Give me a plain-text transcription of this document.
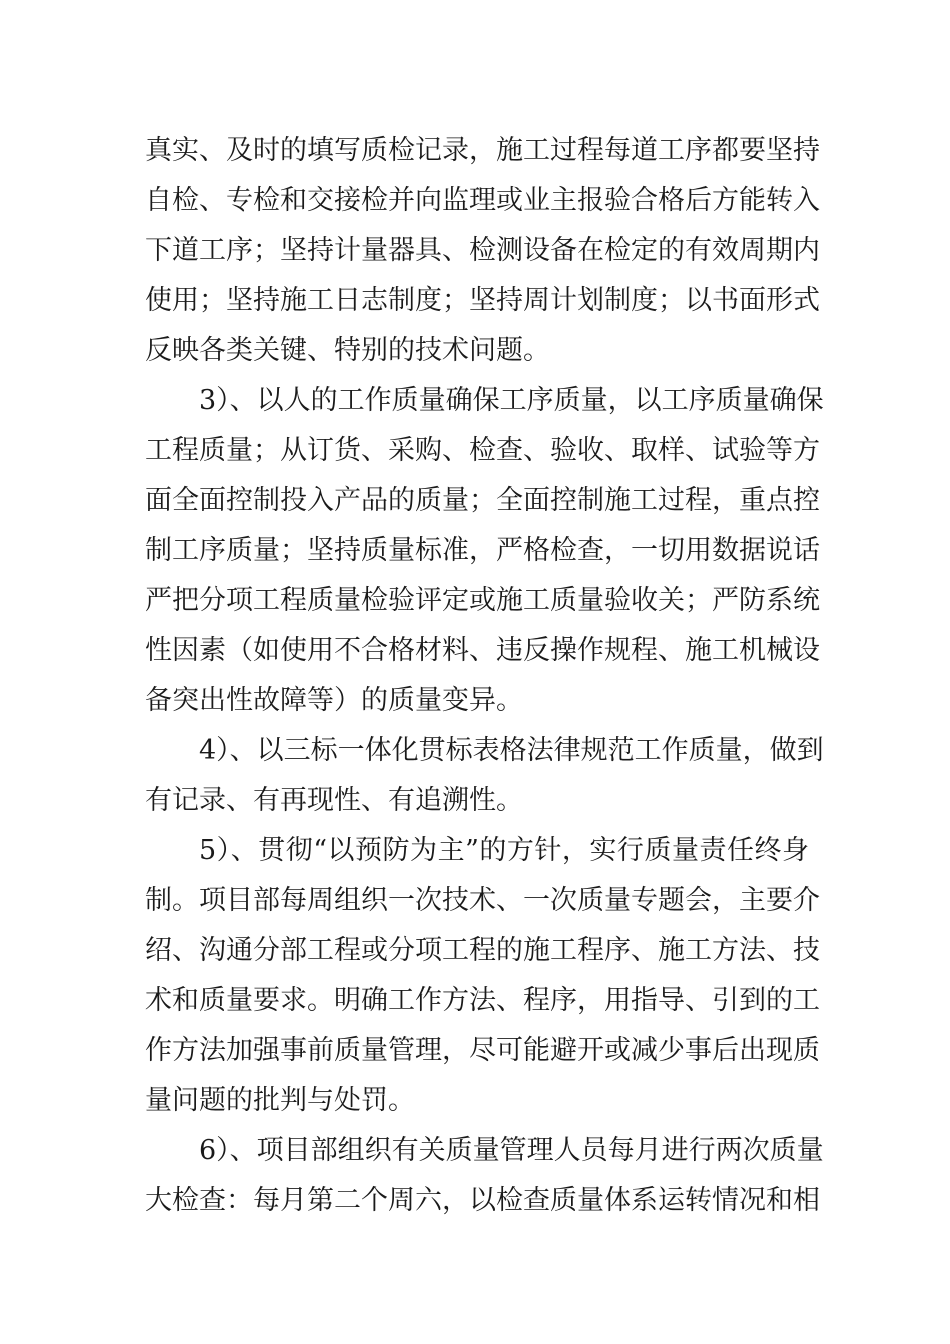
真实、及时的填写质检记录，施工过程每道工序都要坚持
自检、专检和交接检并向监理或业主报验合格后方能转入
下道工序；坚持计量器具、检测设备在检定的有效周期内
使用；坚持施工日志制度；坚持周计划制度；以书面形式
反映各类关键、特别的技术问题。
3）、以人的工作质量确保工序质量，以工序质量确保
工程质量；从订货、采购、检查、验收、取样、试验等方
面全面控制投入产品的质量；全面控制施工过程，重点控
制工序质量；坚持质量标准，严格检查，一切用数据说话
严把分项工程质量检验评定或施工质量验收关；严防系统
性因素（如使用不合格材料、违反操作规程、施工机械设
备突出性故障等）的质量变异。
4）、以三标一体化贯标表格法律规范工作质量，做到
有记录、有再现性、有追溯性。
5）、贯彻“以预防为主”的方针，实行质量责任终身
制。项目部每周组织一次技术、一次质量专题会，主要介
绍、沟通分部工程或分项工程的施工程序、施工方法、技
术和质量要求。明确工作方法、程序，用指导、引到的工
作方法加强事前质量管理，尽可能避开或减少事后出现质
量问题的批判与处罚。
6）、项目部组织有关质量管理人员每月进行两次质量
大检查：每月第二个周六，以检查质量体系运转情况和相
